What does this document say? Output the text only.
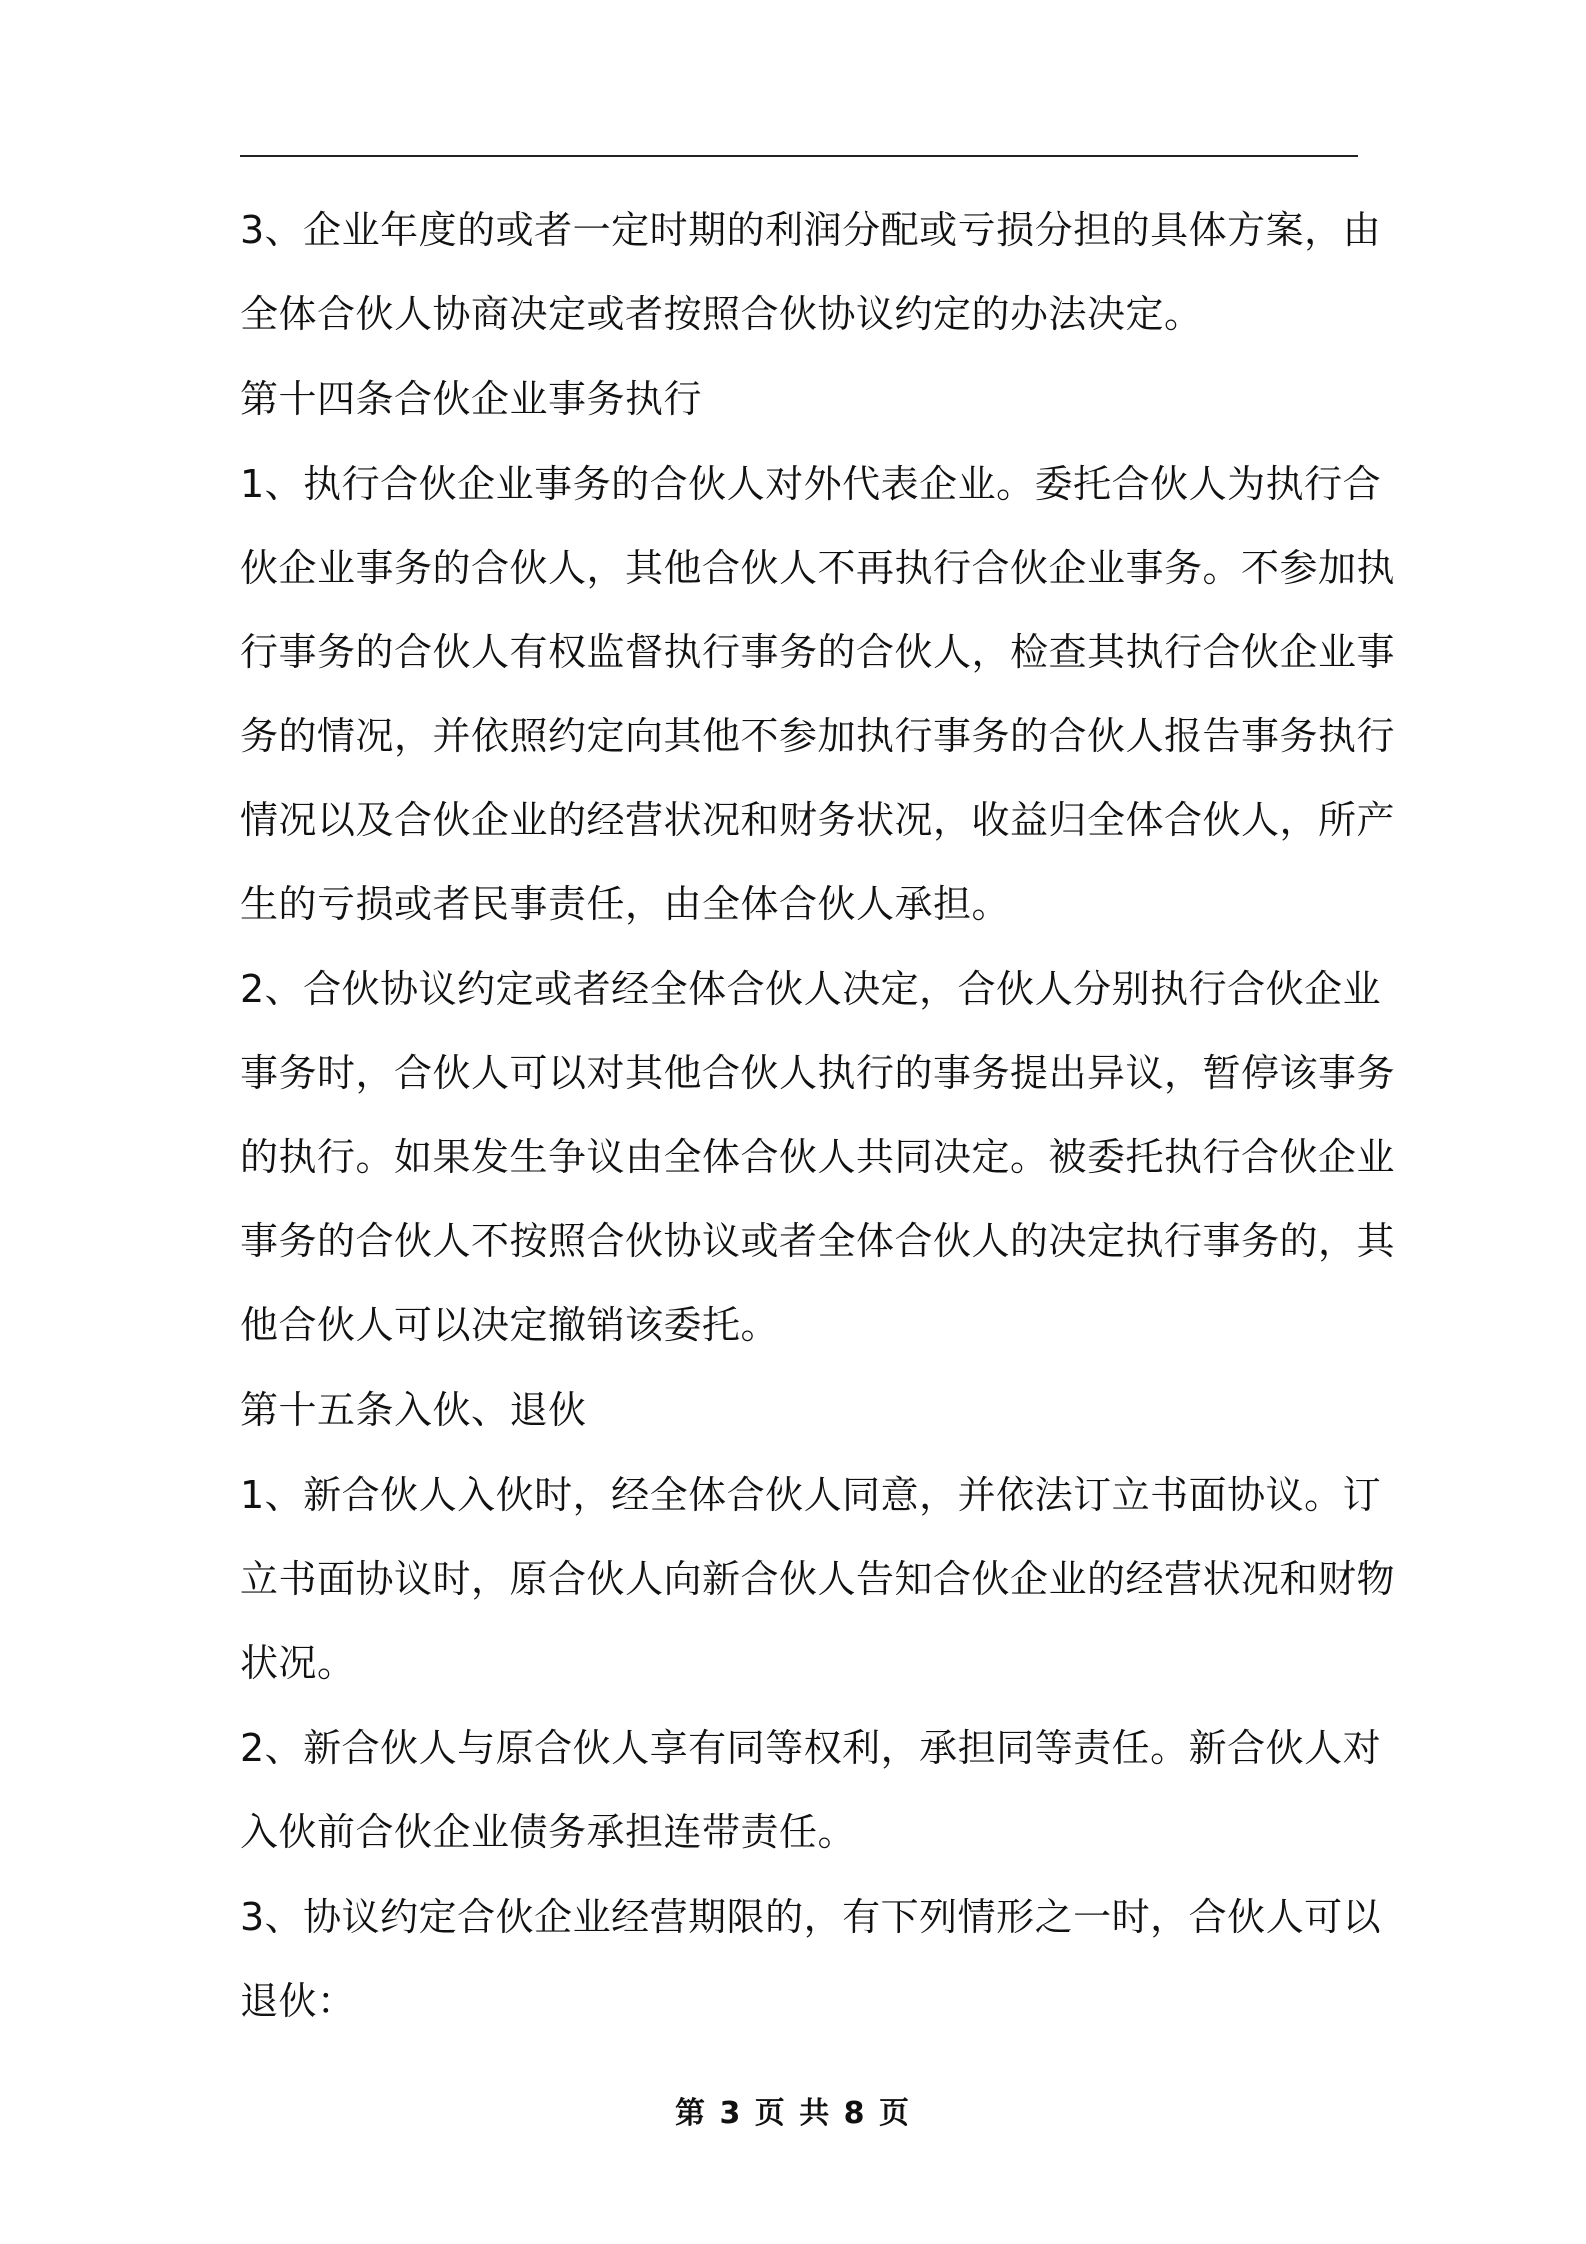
3、企业年度的或者一定时期的利润分配或亏损分担的具体方案，由
全体合伙人协商决定或者按照合伙协议约定的办法决定。
第十四条合伙企业事务执行
1、执行合伙企业事务的合伙人对外代表企业。委托合伙人为执行合
伙企业事务的合伙人，其他合伙人不再执行合伙企业事务。不参加执
行事务的合伙人有权监督执行事务的合伙人，检查其执行合伙企业事
务的情况，并依照约定向其他不参加执行事务的合伙人报告事务执行
情况以及合伙企业的经营状况和财务状况，收益归全体合伙人，所产
生的亏损或者民事责任，由全体合伙人承担。
2、合伙协议约定或者经全体合伙人决定，合伙人分别执行合伙企业
事务时，合伙人可以对其他合伙人执行的事务提出异议，暂停该事务
的执行。如果发生争议由全体合伙人共同决定。被委托执行合伙企业
事务的合伙人不按照合伙协议或者全体合伙人的决定执行事务的，其
他合伙人可以决定撤销该委托。
第十五条入伙、退伙
1、新合伙人入伙时，经全体合伙人同意，并依法订立书面协议。订
立书面协议时，原合伙人向新合伙人告知合伙企业的经营状况和财物
状况。
2、新合伙人与原合伙人享有同等权利，承担同等责任。新合伙人对
入伙前合伙企业债务承担连带责任。
3、协议约定合伙企业经营期限的，有下列情形之一时，合伙人可以
退伙：
第 3 页 共 8 页
